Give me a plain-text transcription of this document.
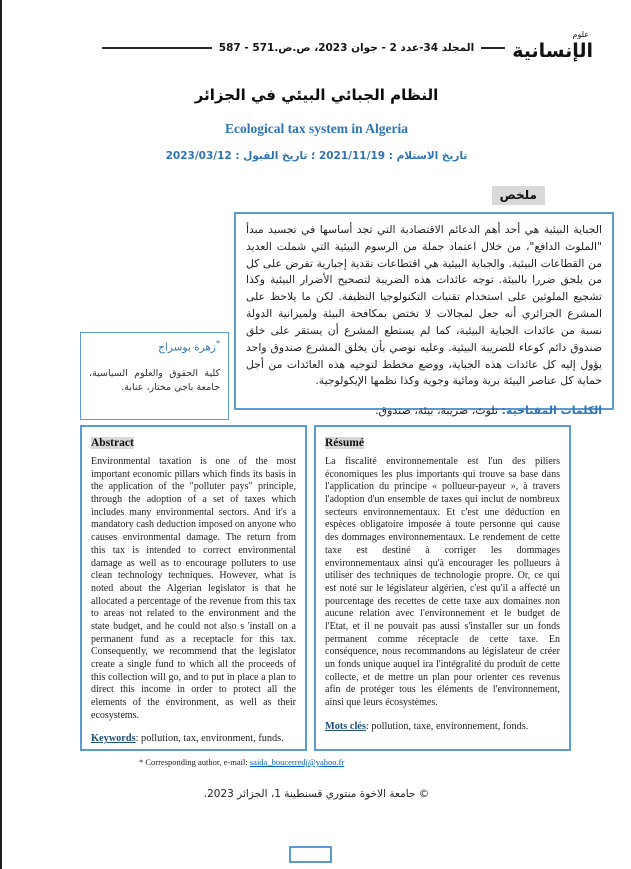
علوم
الإنسانية
المجلد 34-عدد 2 - جوان 2023، ص.ص.571 - 587
النظام الجبائي البيئي في الجزائر
Ecological tax system in Algeria
تاريخ الاستلام : 2021/11/19 ؛ تاريخ القبول : 2023/03/12
ملخص

الجباية البيئية هي أحد أهم الدعائم الاقتصادية التي تجد أساسها في تجسيد مبدأ "الملوث الدافع"، من خلال اعتماد جملة من الرسوم البيئية التي شملت العديد من القطاعات البيئية. والجباية البيئية هي اقتطاعات نقدية إجبارية تفرض على كل من يلحق ضررا بالبيئة. توجه عائدات هذه الضريبة لتصحيح الأضرار البيئية وكذا تشجيع الملوثين على استخدام تقنيات التكنولوجيا النظيفة. لكن ما يلاحظ على المشرع الجزائري أنه جعل لمجالات لا تختص بمكافحة البيئة ولميزانية الدولة نسبة من عائدات الجباية البيئية، كما لم يستطع المشرع أن يستقر على خلق صندوق دائم كوعاء للضريبة البيئية. وعليه نوصي بأن يخلق المشرع صندوق واحد يؤول إليه كل عائدات هذه الجباية، ووضع مخطط لتوجيه هذه العائدات من أجل حماية كل عناصر البيئة برية ومائية وجوية وكذا نظمها الإيكولوجية.

الكلمات المفتاحية: تلوث، ضريبة، بيئة، صندوق.
*زهرة بوسراج
كلية الحقوق والعلوم السياسية، جامعة باجي مختار، عنابة.
Abstract

Environmental taxation is one of the most important economic pillars which finds its basis in the application of the "polluter pays" principle, through the adoption of a set of taxes which includes many environmental sectors. And it's a mandatory cash deduction imposed on anyone who causes environmental damage. The return from this tax is intended to correct environmental damage as well as to encourage polluters to use clean technology techniques. However, what is noted about the Algerian legislator is that he allocated a percentage of the revenue from this tax to areas not related to the environment and the state budget, and he could not also s 'install on a permanent fund as a receptacle for this tax. Consequently, we recommend that the legislator create a single fund to which all the proceeds of this collection will go, and to put in place a plan to direct this income in order to protect all the elements of the environment, as well as their ecosystems.

Keywords: pollution, tax, environment, funds.
Résumé

La fiscalité environnementale est l'un des piliers économiques les plus importants qui trouve sa base dans l'application du principe « pollueur-payeur », à travers l'adoption d'un ensemble de taxes qui inclut de nombreux secteurs environnementaux. Et c'est une déduction en espèces obligatoire imposée à toute personne qui cause des dommages environnementaux. Le rendement de cette taxe est destiné à corriger les dommages environnementaux ainsi qu'à encourager les pollueurs à utiliser des techniques de technologie propre. Or, ce qui est noté sur le législateur algérien, c'est qu'il a affecté un pourcentage des recettes de cette taxe aux domaines non aucune relation avec l'environnement et le budget de l'Etat, et il ne pouvait pas aussi s'installer sur un fonds permanent comme réceptacle de cette taxe. En conséquence, nous recommandons au législateur de créer un fonds unique auquel ira l'intégralité du produit de cette collecte, et de mettre un plan pour orienter ces revenus afin de protéger tous les éléments de l'environnement, ainsi que leurs écosystèmes.

Mots clés: pollution, taxe, environnement, fonds.
* Corresponding author, e-mail: saida_boucerredj@yahoo.fr
© جامعة الاخوة منتوري قسنطينة 1، الجزائر 2023.
